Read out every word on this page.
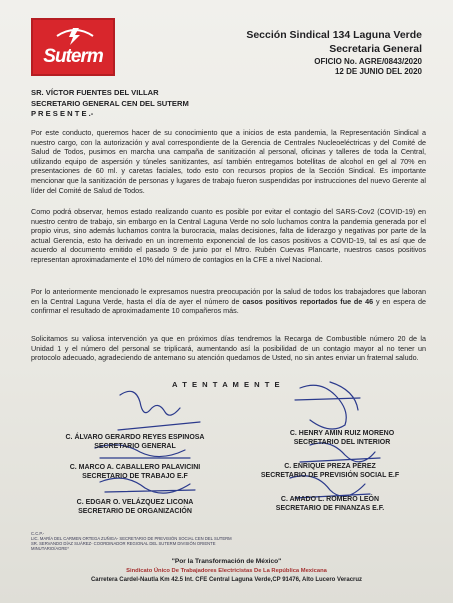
Suterm
Sección Sindical 134 Laguna Verde
Secretaria General
OFICIO No. AGRE/0843/2020
12 DE JUNIO DEL 2020
SR. VÍCTOR FUENTES DEL VILLAR
SECRETARIO GENERAL CEN DEL SUTERM
P R E S E N T E .-
Por este conducto, queremos hacer de su conocimiento que a inicios de esta pandemia, la Representación Sindical a nuestro cargo, con la autorización y aval correspondiente de la Gerencia de Centrales Nucleoeléctricas y del Comité de Salud de Todos, pusimos en marcha una campaña de sanitización al personal, oficinas y talleres de toda la Central, utilizando equipo de aspersión y túneles sanitizantes, así también entregamos botellitas de alcohol en gel al 70% en presentaciones de 60 ml. y caretas faciales, todo esto con recursos propios de la Sección Sindical. Es importante mencionar que la sanitización de personas y lugares de trabajo fueron suspendidas por instrucciones del nuevo Gerente al líder del Comité de Salud de Todos.
Como podrá observar, hemos estado realizando cuanto es posible por evitar el contagio del SARS-Cov2 (COVID-19) en nuestro centro de trabajo, sin embargo en la Central Laguna Verde no solo luchamos contra la pandemia generada por el propio virus, sino además luchamos contra la burocracia, malas decisiones, falta de liderazgo y negativas por parte de la actual Gerencia, esto ha derivado en un incremento exponencial de los casos positivos a COVID-19, tal es así que de acuerdo al documento emitido el pasado 9 de junio por el Mtro. Rubén Cuevas Plancarte, nuestros casos positivos representan aproximadamente el 10% del número de contagios en la CFE a nivel Nacional.
Por lo anteriormente mencionado le expresamos nuestra preocupación por la salud de todos los trabajadores que laboran en la Central Laguna Verde, hasta el día de ayer el número de casos positivos reportados fue de 46 y en espera de confirmar el resultado de aproximadamente 10 compañeros más.
Solicitamos su valiosa intervención ya que en próximos días tendremos la Recarga de Combustible número 20 de la Unidad 1 y el número del personal se triplicará, aumentando así la posibilidad de un contagio mayor al no tener un protocolo adecuado, agradeciendo de antemano su atención quedamos de Usted, no sin antes enviar un fraternal saludo.
A T E N T A M E N T E
C. ÁLVARO GERARDO REYES ESPINOSA
SECRETARIO GENERAL
C. HENRY AMIN RUIZ MORENO
SECRETARIO DEL INTERIOR
C. MARCO A. CABALLERO PALAVICINI
SECRETARIO DE TRABAJO E.F
C. ENRIQUE PREZA PÉREZ
SECRETARIO DE PREVISIÓN SOCIAL E.F
C. EDGAR O. VELÁZQUEZ LICONA
SECRETARIO DE ORGANIZACIÓN
C. AMADO L. ROMERO LEÓN
SECRETARIO DE FINANZAS E.F.
C.C.P.-
LIC. MARÍA DEL CARMEN ORTEGA ZUÑIGA- SECRETARIO DE PREVISIÓN SOCIAL CEN DEL SUTERM
SR. SERVANDO DÍAZ SUÁREZ- COORDINADOR REGIONAL DEL SUTERM DIVISIÓN ORIENTE
MINUTARIO/AGRE*
"Por la Transformación de México"
Sindicato Único De Trabajadores Electricistas De La República Mexicana
Carretera Cardel-Nautla Km 42.5 Int. CFE Central Laguna Verde,CP 91476, Alto Lucero Veracruz
